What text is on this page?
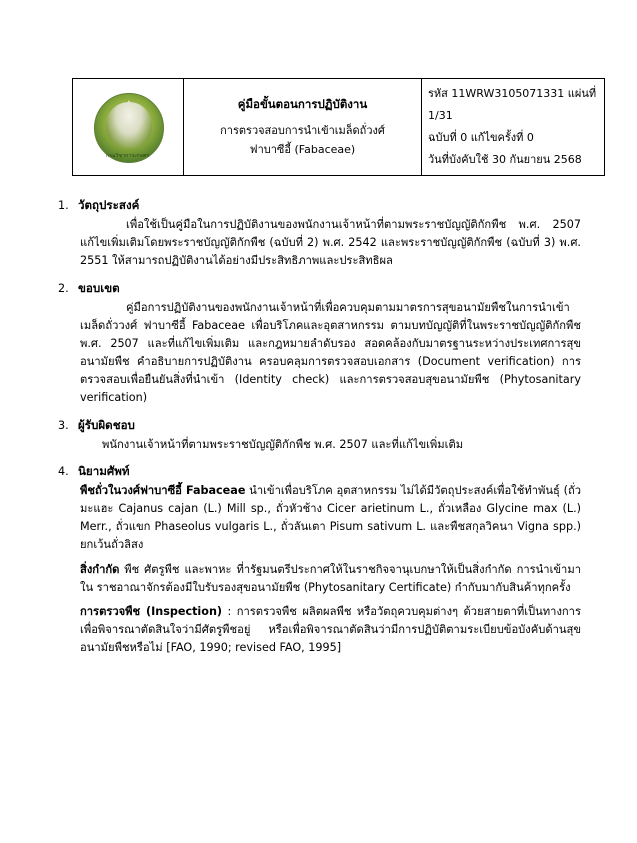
กรมวิชาการเกษตร

คู่มือขั้นตอนการปฏิบัติงาน
การตรวจสอบการนำเข้าเมล็ดถั่วงศ์
ฟาบาซีอี้ (Fabaceae)

รหัส 11WRW3105071331 แผ่นที่ 1/31
ฉบับที่ 0 แก้ไขครั้งที่ 0
วันที่บังคับใช้ 30 กันยายน 2568
1. วัตถุประสงค์

เพื่อใช้เป็นคู่มือในการปฏิบัติงานของพนักงานเจ้าหน้าที่ตามพระราชบัญญัติกักพืช พ.ศ. 2507 แก้ไขเพิ่มเติมโดยพระราชบัญญัติกักพืช (ฉบับที่ 2) พ.ศ. 2542 และพระราชบัญญัติกักพืช (ฉบับที่ 3) พ.ศ. 2551 ให้สามารถปฏิบัติงานได้อย่างมีประสิทธิภาพและประสิทธิผล

2. ขอบเขต

คู่มือการปฏิบัติงานของพนักงานเจ้าหน้าที่เพื่อควบคุมตามมาตรการสุขอนามัยพืชในการนำเข้าเมล็ดถั่ววงศ์ ฟาบาซีอี้ Fabaceae เพื่อบริโภคและอุตสาหกรรม ตามบทบัญญัติที่ในพระราชบัญญัติกักพืช พ.ศ. 2507 และที่แก้ไขเพิ่มเติม และกฎหมายลำดับรอง สอดคล้องกับมาตรฐานระหว่างประเทศการสุขอนามัยพืช คำอธิบายการปฏิบัติงาน ครอบคลุมการตรวจสอบเอกสาร (Document verification) การตรวจสอบเพื่อยืนยันสิ่งที่นำเข้า (Identity check) และการตรวจสอบสุขอนามัยพืช (Phytosanitary verification)

3. ผู้รับผิดชอบ

พนักงานเจ้าหน้าที่ตามพระราชบัญญัติกักพืช พ.ศ. 2507 และที่แก้ไขเพิ่มเติม

4. นิยามศัพท์

พืชถั่วในวงศ์ฟาบาซีอี้ Fabaceae นำเข้าเพื่อบริโภค อุตสาหกรรม ไม่ได้มีวัตถุประสงค์เพื่อใช้ทำพันธุ์ (ถั่วมะแฮะ Cajanus cajan (L.) Mill sp., ถั่วหัวช้าง Cicer arietinum L., ถั่วเหลือง Glycine max (L.) Merr., ถั่วแขก Phaseolus vulgaris L., ถั่วลันเตา Pisum sativum L. และพืชสกุลวิคนา Vigna spp.) ยกเว้นถั่วลิสง

สิ่งกำกัด พืช ศัตรูพืช และพาหะ ที่ารัฐมนตรีประกาศให้ในราชกิจจานุเบกษาให้เป็นสิ่งกำกัด การนำเข้ามาใน ราชอาณาจักรต้องมีใบรับรองสุขอนามัยพืช (Phytosanitary Certificate) กำกับมากับสินค้าทุกครั้ง

การตรวจพืช (Inspection) : การตรวจพืช ผลิตผลพืช หรือวัตถุควบคุมต่างๆ ด้วยสายตาที่เป็นทางการ เพื่อพิจารณาตัดสินใจว่ามีศัตรูพืชอยู่ หรือเพื่อพิจารณาตัดสินว่ามีการปฏิบัติตามระเบียบข้อบังคับด้านสุขอนามัยพืชหรือไม่ [FAO, 1990; revised FAO, 1995]
